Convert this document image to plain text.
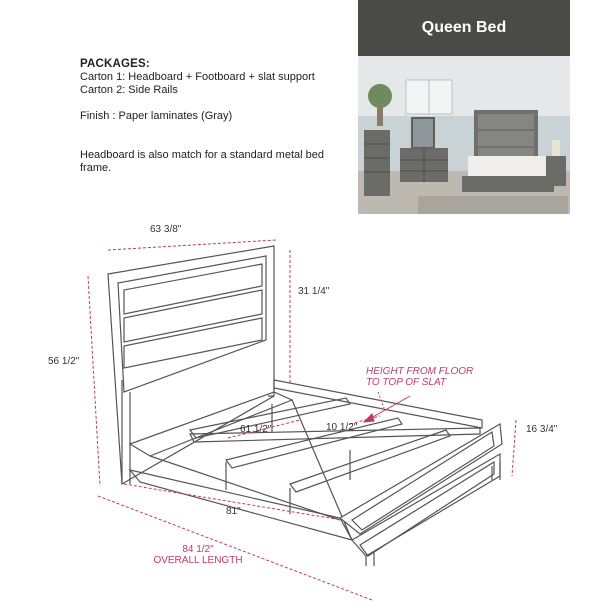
PACKAGES:

Carton 1: Headboard + Footboard + slat support

Carton 2: Side Rails

Finish : Paper laminates (Gray)

Headboard is also match for a standard metal bed

frame.

Queen Bed
63 3/8"
31 1/4"
56 1/2"
61 1/2"	10 1/2"	16 3/4"
81"
84 1/2"
OVERALL LENGTH
HEIGHT FROM FLOOR
TO TOP OF SLAT
